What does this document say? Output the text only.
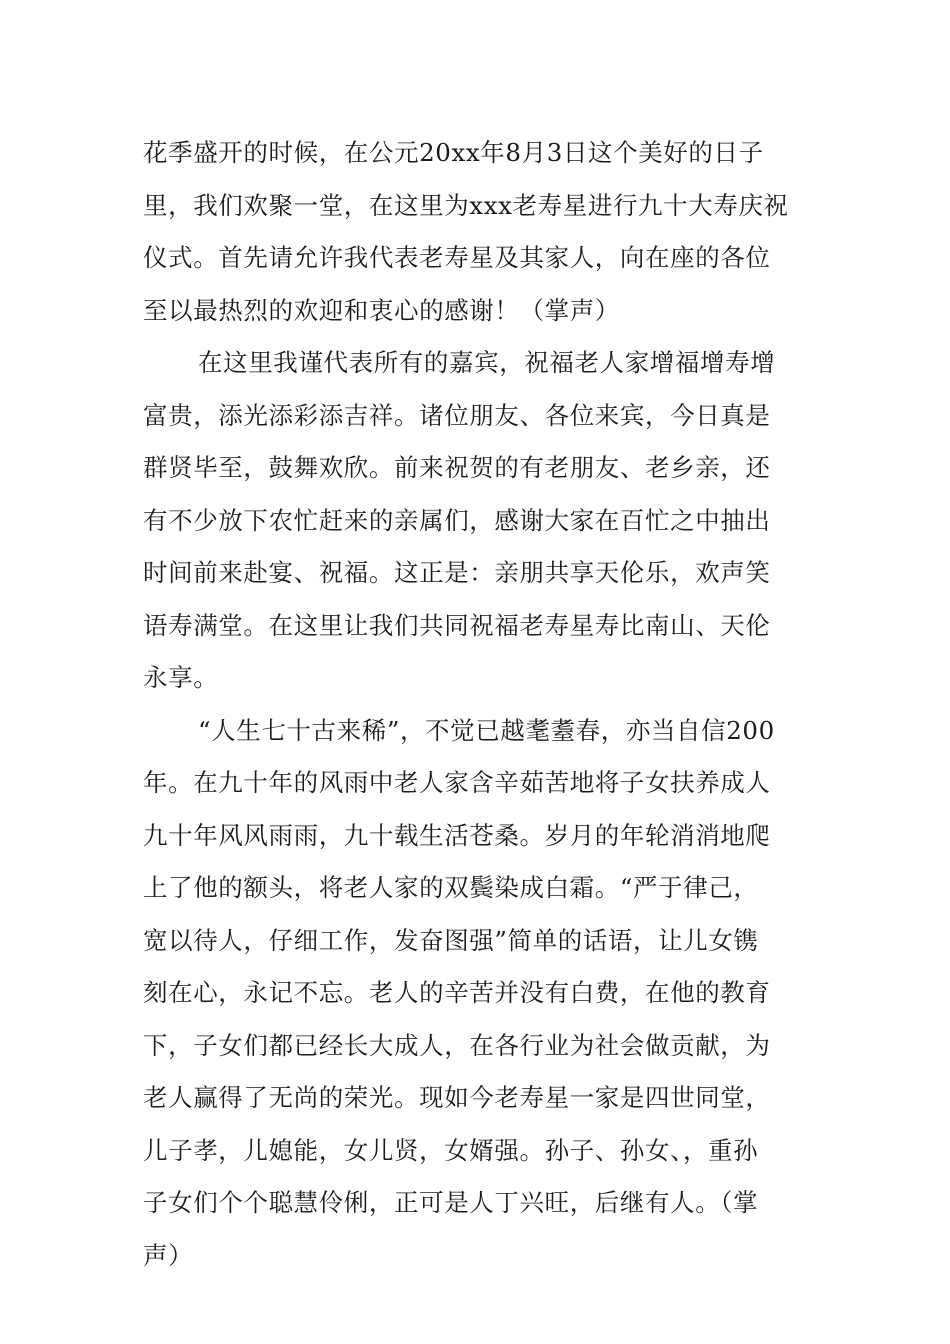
花季盛开的时候，在公元20xx年8月3日这个美好的日子
里，我们欢聚一堂，在这里为xxx老寿星进行九十大寿庆祝
仪式。首先请允许我代表老寿星及其家人，向在座的各位
至以最热烈的欢迎和衷心的感谢！（掌声）
在这里我谨代表所有的嘉宾，祝福老人家增福增寿增
富贵，添光添彩添吉祥。诸位朋友、各位来宾，今日真是
群贤毕至，鼓舞欢欣。前来祝贺的有老朋友、老乡亲，还
有不少放下农忙赶来的亲属们，感谢大家在百忙之中抽出
时间前来赴宴、祝福。这正是：亲朋共享天伦乐，欢声笑
语寿满堂。在这里让我们共同祝福老寿星寿比南山、天伦
永享。
“人生七十古来稀”，不觉已越耄耋春，亦当自信200
年。在九十年的风雨中老人家含辛茹苦地将子女扶养成人
九十年风风雨雨，九十载生活苍桑。岁月的年轮消消地爬
上了他的额头，将老人家的双鬓染成白霜。“严于律己，
宽以待人，仔细工作，发奋图强”简单的话语，让儿女镌
刻在心，永记不忘。老人的辛苦并没有白费，在他的教育
下，子女们都已经长大成人，在各行业为社会做贡献，为
老人赢得了无尚的荣光。现如今老寿星一家是四世同堂，
儿子孝，儿媳能，女儿贤，女婿强。孙子、孙女、，重孙
子女们个个聪慧伶俐，正可是人丁兴旺，后继有人。（掌
声）
